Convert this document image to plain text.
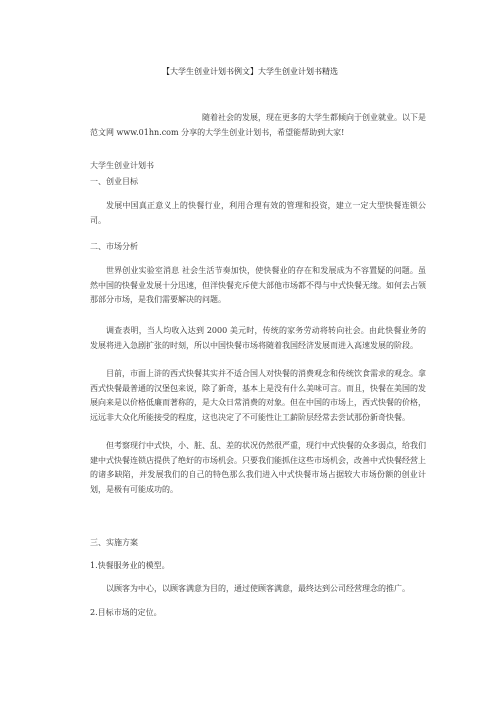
【大学生创业计划书例文】大学生创业计划书精选

随着社会的发展，现在更多的大学生都倾向于创业就业。以下是范文网 www.01hn.com 分享的大学生创业计划书，希望能帮助到大家!

大学生创业计划书
一、创业目标

发展中国真正意义上的快餐行业，利用合理有效的管理和投资，建立一定大型快餐连锁公司。

二、市场分析

世界创业实验室消息 社会生活节奏加快，使快餐业的存在和发展成为不容置疑的问题。虽然中国的快餐业发展十分迅速，但洋快餐充斥使大部他市场都不得与中式快餐无缘。如何去占领那部分市场，是我们需要解决的问题。

调查表明，当人均收入达到 2000 美元时，传统的家务劳动将转向社会。由此快餐业务的发展将进入急剧扩张的时刻，所以中国快餐市场将随着我国经济发展而进入高速发展的阶段。

目前，市面上浒的西式快餐其实并不适合国人对快餐的消费观念和传统饮食需求的观念。拿西式快餐最普通的汉堡包来说，除了新奇，基本上是没有什么美味可言。而且，快餐在美国的发展向来是以价格低廉而著称的，是大众日常消费的对象。但在中国的市场上，西式快餐的价格，远远非大众化所能接受的程度，这也决定了不可能性让工薪阶层经常去尝试那份新奇快餐。

但考察现行中式快，小、脏、乱、差的状况仍然很严重，现行中式快餐的众多弱点，给我们建中式快餐连锁店提供了绝好的市场机会。只要我们能抓住这些市场机会，改善中式快餐经营上的诸多缺陷，并发展我们的自己的特色那么我们进入中式快餐市场占据较大市场份额的创业计划，是极有可能成功的。

三、实施方案
1.快餐服务业的模型。

以顾客为中心，以顾客满意为目的，通过使顾客满意，最终达到公司经营理念的推广。

2.目标市场的定位。
